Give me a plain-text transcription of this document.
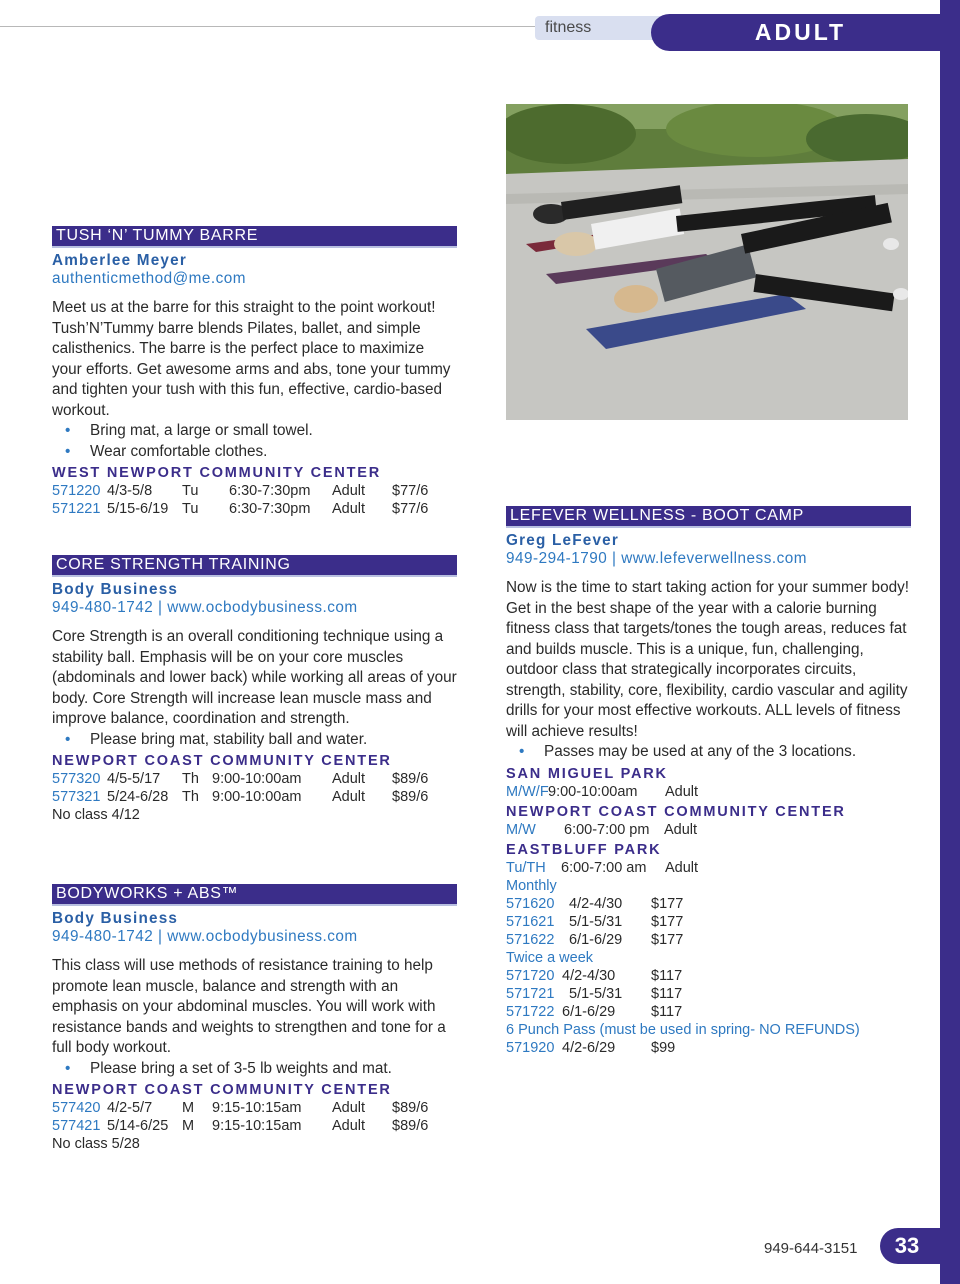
fitness	ADULT
TUSH ‘N’ TUMMY BARRE
Amberlee Meyer
authenticmethod@me.com
Meet us at the barre for this straight to the point workout! Tush’N’Tummy barre blends Pilates, ballet, and simple calisthenics. The barre is the perfect place to maximize your efforts. Get awesome arms and abs, tone your tummy and tighten your tush with this fun, effective, cardio-based workout.
• Bring mat, a large or small towel.
• Wear comfortable clothes.
WEST NEWPORT COMMUNITY CENTER
571220 4/3-5/8	Tu	6:30-7:30pm	Adult	$77/6
571221 5/15-6/19 Tu	6:30-7:30pm	Adult	$77/6
CORE STRENGTH TRAINING
Body Business
949-480-1742 | www.ocbodybusiness.com
Core Strength is an overall conditioning technique using a stability ball. Emphasis will be on your core muscles (abdominals and lower back) while working all areas of your body. Core Strength will increase lean muscle mass and improve balance, coordination and strength.
• Please bring mat, stability ball and water.
NEWPORT COAST COMMUNITY CENTER
577320 4/5-5/17	Th 9:00-10:00am	Adult	$89/6
577321 5/24-6/28 Th 9:00-10:00am	Adult	$89/6
No class 4/12
BODYWORKS + ABS™
Body Business
949-480-1742 | www.ocbodybusiness.com
This class will use methods of resistance training to help promote lean muscle, balance and strength with an emphasis on your abdominal muscles. You will work with resistance bands and weights to strengthen and tone for a full body workout.
• Please bring a set of 3-5 lb weights and mat.
NEWPORT COAST COMMUNITY CENTER
577420 4/2-5/7	M	9:15-10:15am	Adult	$89/6
577421 5/14-6/25 M	9:15-10:15am	Adult	$89/6
No class 5/28
LEFEVER WELLNESS - BOOT CAMP
Greg LeFever
949-294-1790 | www.lefeverwellness.com
Now is the time to start taking action for your summer body! Get in the best shape of the year with a calorie burning fitness class that targets/tones the tough areas, reduces fat and builds muscle. This is a unique, fun, challenging, outdoor class that strategically incorporates circuits, strength, stability, core, flexibility, cardio vascular and agility drills for your most effective workouts. ALL levels of fitness will achieve results!
• Passes may be used at any of the 3 locations.
SAN MIGUEL PARK
M/W/F 9:00-10:00am	Adult
NEWPORT COAST COMMUNITY CENTER
M/W	6:00-7:00 pm	Adult
EASTBLUFF PARK
Tu/TH	6:00-7:00 am	Adult
Monthly
571620	4/2-4/30	$177
571621	5/1-5/31	$177
571622	6/1-6/29	$177
Twice a week
571720 4/2-4/30	$117
571721	5/1-5/31	$117
571722 6/1-6/29	$117
6 Punch Pass (must be used in spring- NO REFUNDS)
571920 4/2-6/29	$99
949-644-3151	33
